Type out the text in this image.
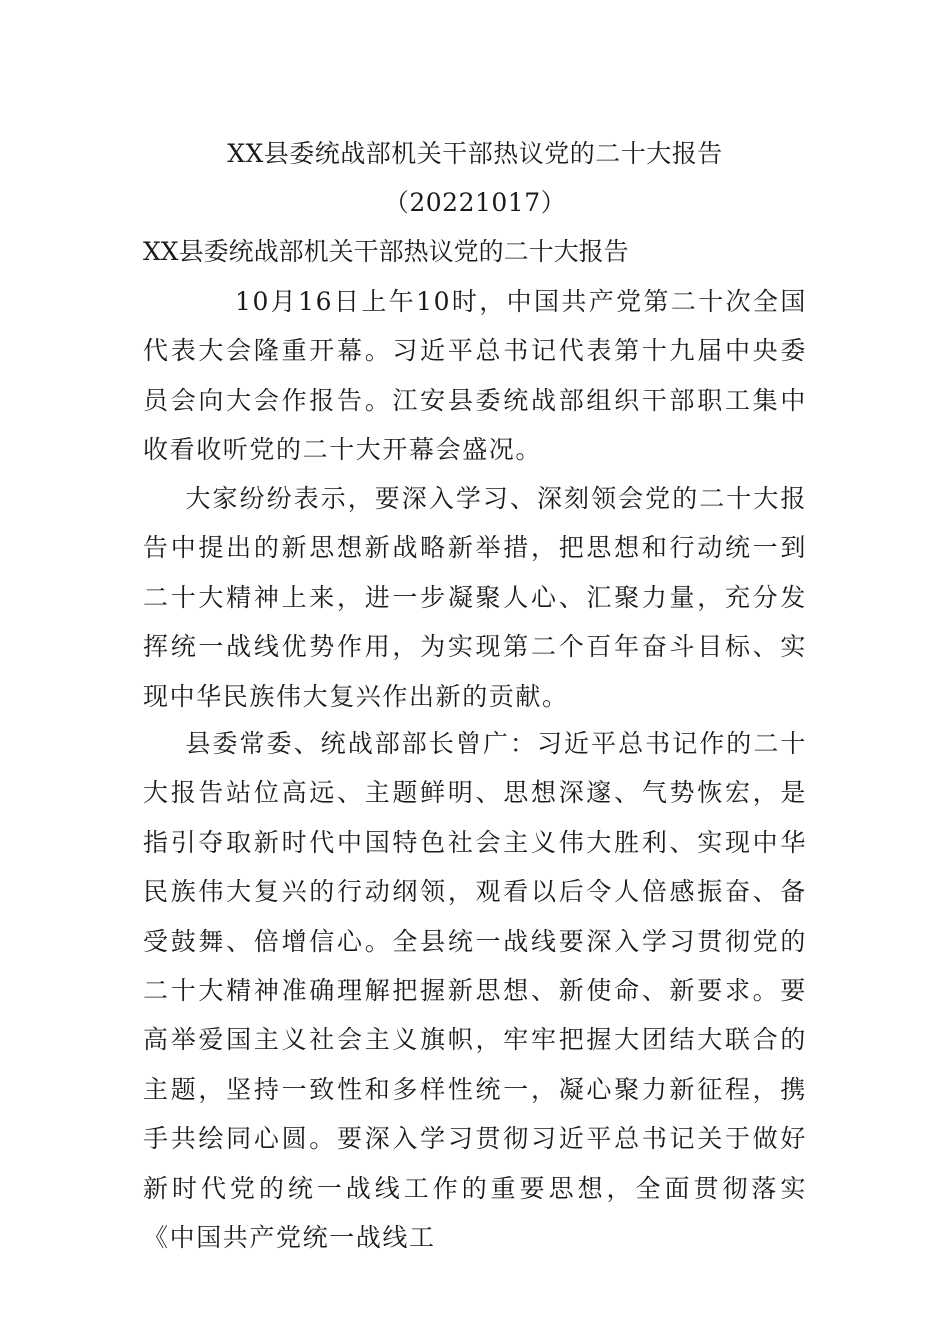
XX县委统战部机关干部热议党的二十大报告
（20221017）
XX县委统战部机关干部热议党的二十大报告
10月16日上午10时，中国共产党第二十次全国代表大会隆重开幕。习近平总书记代表第十九届中央委员会向大会作报告。江安县委统战部组织干部职工集中收看收听党的二十大开幕会盛况。
大家纷纷表示，要深入学习、深刻领会党的二十大报告中提出的新思想新战略新举措，把思想和行动统一到二十大精神上来，进一步凝聚人心、汇聚力量，充分发挥统一战线优势作用，为实现第二个百年奋斗目标、实现中华民族伟大复兴作出新的贡献。
县委常委、统战部部长曾广：习近平总书记作的二十大报告站位高远、主题鲜明、思想深邃、气势恢宏，是指引夺取新时代中国特色社会主义伟大胜利、实现中华民族伟大复兴的行动纲领，观看以后令人倍感振奋、备受鼓舞、倍增信心。全县统一战线要深入学习贯彻党的二十大精神准确理解把握新思想、新使命、新要求。要高举爱国主义社会主义旗帜，牢牢把握大团结大联合的主题，坚持一致性和多样性统一，凝心聚力新征程，携手共绘同心圆。要深入学习贯彻习近平总书记关于做好新时代党的统一战线工作的重要思想，全面贯彻落实《中国共产党统一战线工
